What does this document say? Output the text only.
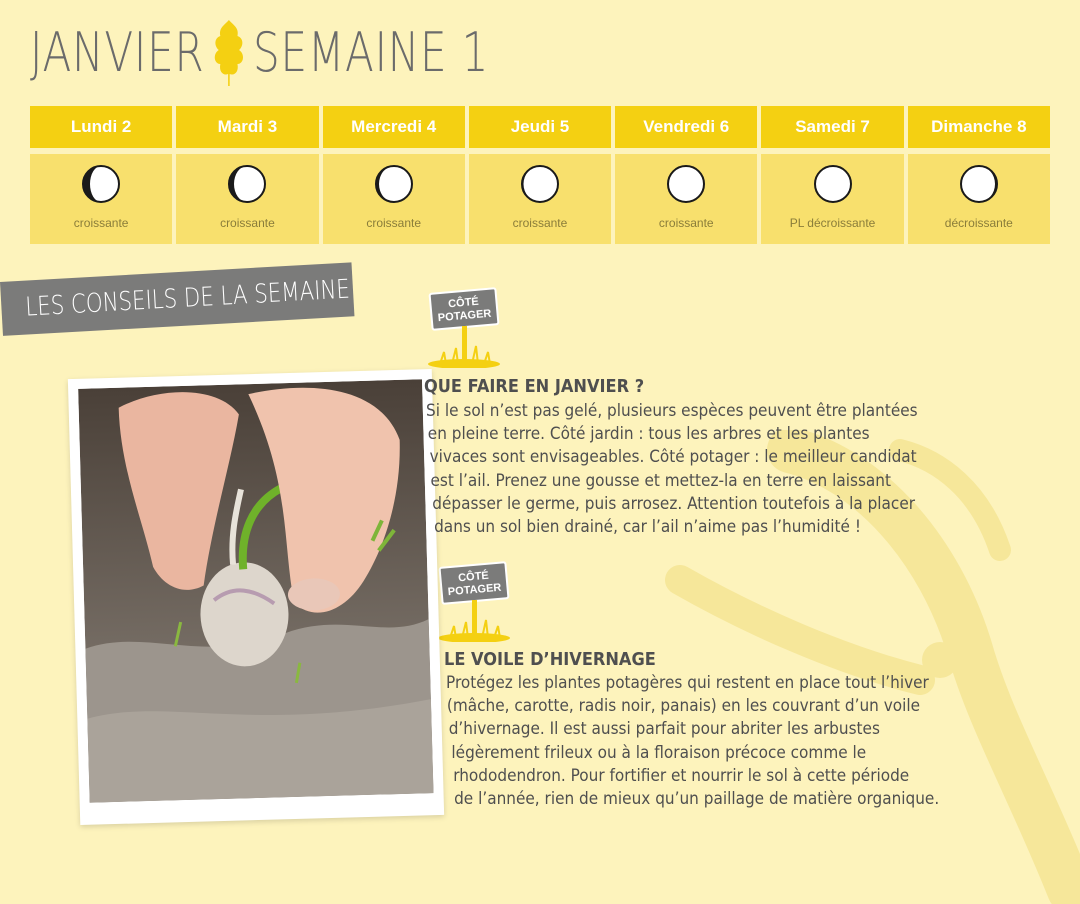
JANVIER SEMAINE 1
Lundi 2
croissante
Mardi 3
croissante
Mercredi 4
croissante
Jeudi 5
croissante
Vendredi 6
croissante
Samedi 7
PL décroissante
Dimanche 8
décroissante
LES CONSEILS DE LA SEMAINE	CÔTÉ
POTAGER
CÔTÉ
POTAGER
QUE FAIRE EN JANVIER ?
Si le sol n’est pas gelé, plusieurs espèces peuvent être plantées
en pleine terre. Côté jardin : tous les arbres et les plantes
vivaces sont envisageables. Côté potager : le meilleur candidat
est l’ail. Prenez une gousse et mettez-la en terre en laissant
dépasser le germe, puis arrosez. Attention toutefois à la placer
dans un sol bien drainé, car l’ail n’aime pas l’humidité !
LE VOILE D’HIVERNAGE
Protégez les plantes potagères qui restent en place tout l’hiver
(mâche, carotte, radis noir, panais) en les couvrant d’un voile
d’hivernage. Il est aussi parfait pour abriter les arbustes
légèrement frileux ou à la floraison précoce comme le
rhododendron. Pour fortifier et nourrir le sol à cette période
de l’année, rien de mieux qu’un paillage de matière organique.
